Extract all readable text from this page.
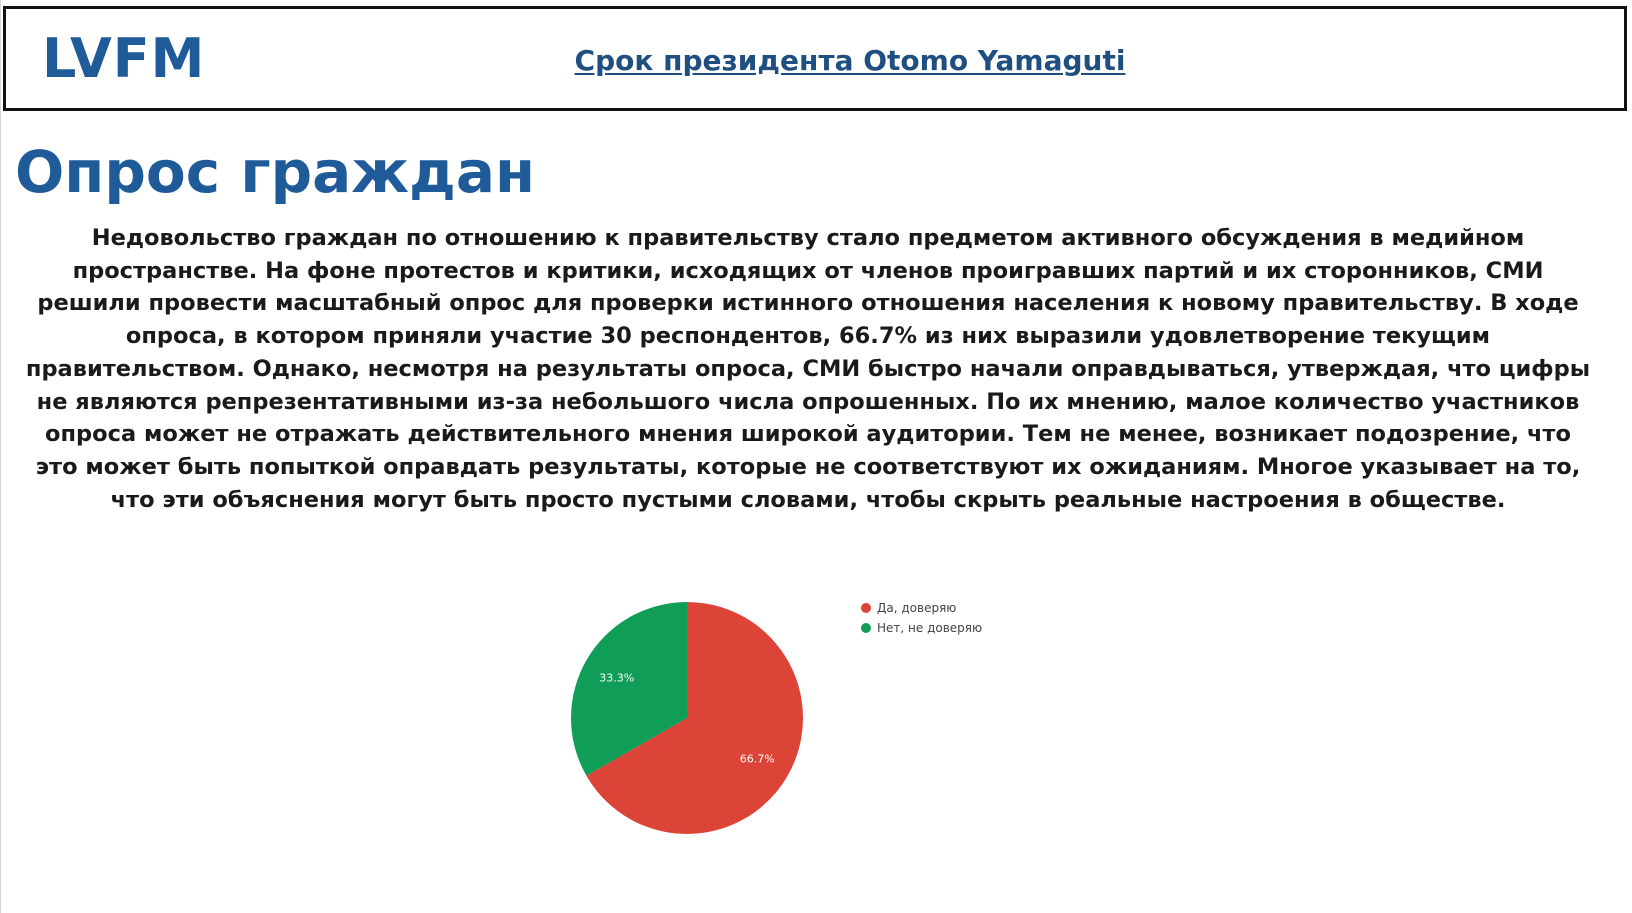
LVFM	Срок президента Otomo Yamaguti
Опрос граждан

Недовольство граждан по отношению к правительству стало предметом активного обсуждения в медийном пространстве. На фоне протестов и критики, исходящих от членов проигравших партий и их сторонников, СМИ решили провести масштабный опрос для проверки истинного отношения населения к новому правительству. В ходе опроса, в котором приняли участие 30 респондентов, 66.7% из них выразили удовлетворение текущим правительством. Однако, несмотря на результаты опроса, СМИ быстро начали оправдываться, утверждая, что цифры не являются репрезентативными из-за небольшого числа опрошенных. По их мнению, малое количество участников опроса может не отражать действительного мнения широкой аудитории. Тем не менее, возникает подозрение, что это может быть попыткой оправдать результаты, которые не соответствуют их ожиданиям. Многое указывает на то, что эти объяснения могут быть просто пустыми словами, чтобы скрыть реальные настроения в обществе.

66.7%
33.3%
Да, доверяю
Нет, не доверяю
